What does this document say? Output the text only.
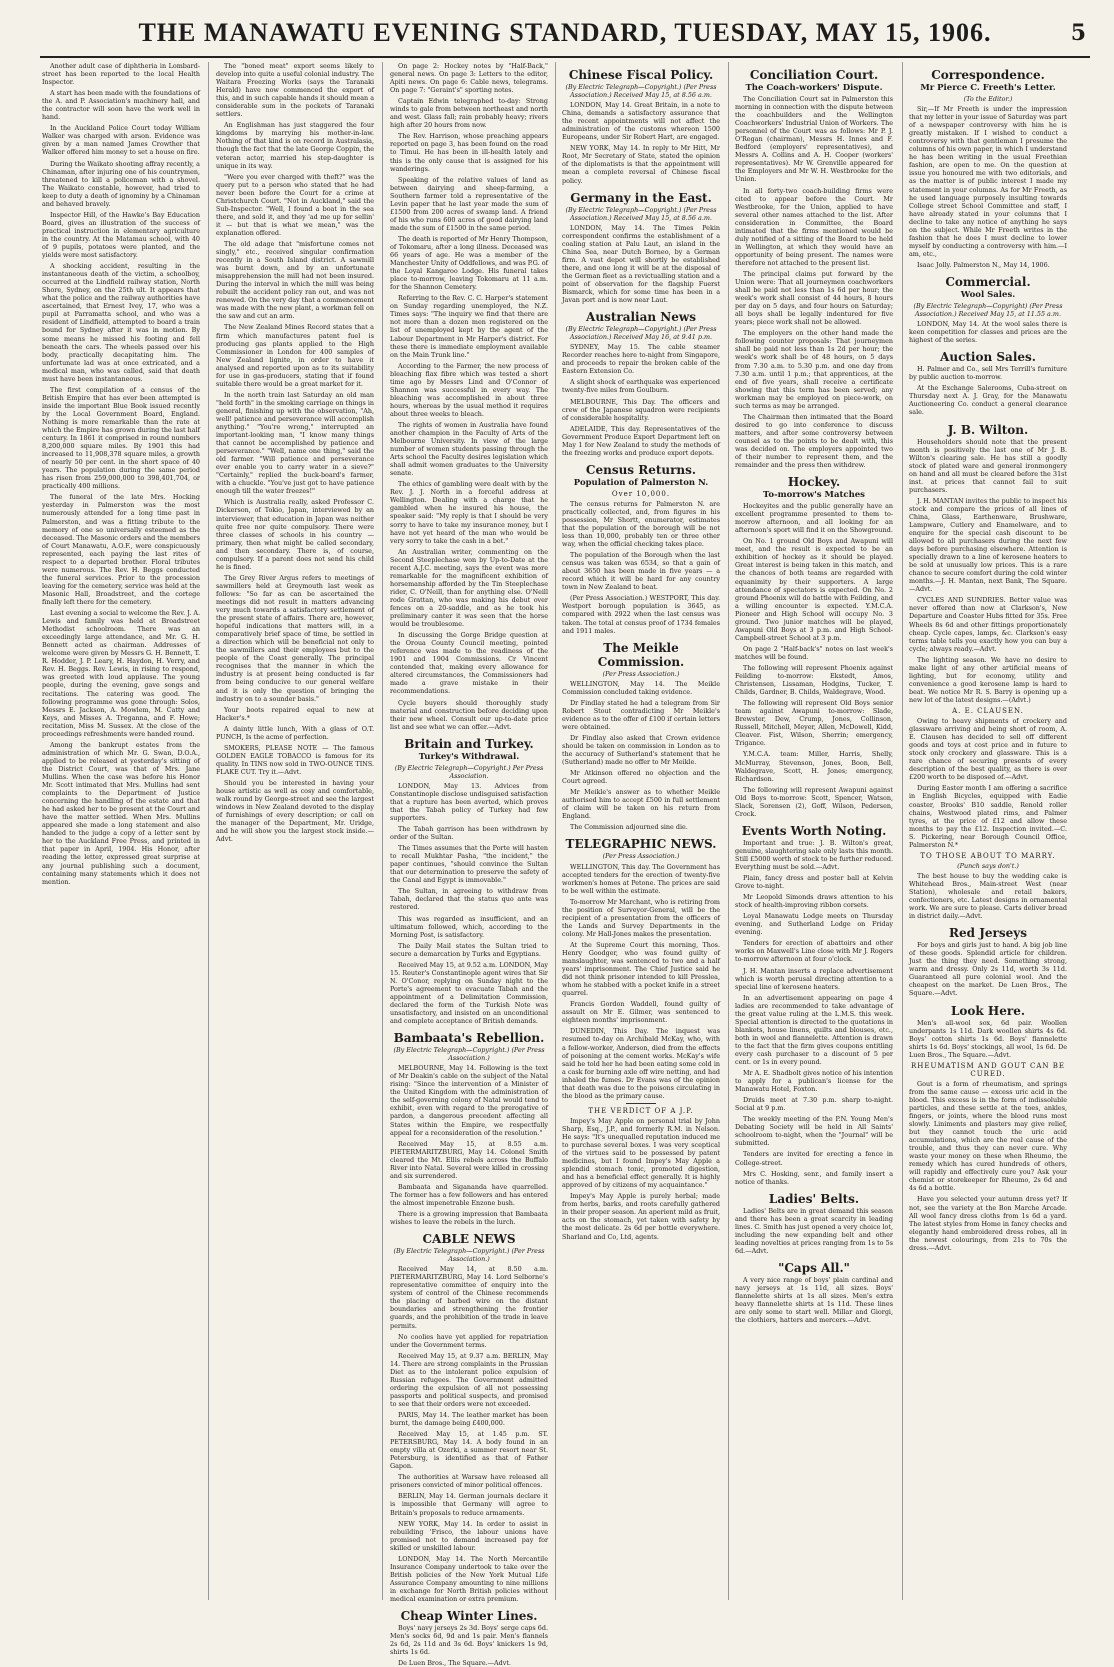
THE MANAWATU EVENING STANDARD, TUESDAY, MAY 15, 1906.	5

Another adult case of diphtheria in Lombard-street has been reported to the local Health Inspector.

A start has been made with the foundations of the A. and P. Association's machinery hall, and the contractor will soon have the work well in hand.

In the Auckland Police Court today William Walker was charged with arson. Evidence was given by a man named James Crowther that Walker offered him money to set a house on fire.

During the Waikato shooting affray recently, a Chinaman, after injuring one of his countrymen, threatened to kill a policeman with a shovel. The Waikato constable, however, had tried to keep to duty a death of ignominy by a Chinaman and behaved bravely.

Inspector Hill, of the Hawke's Bay Education Board, gives an illustration of the success of practical instruction in elementary agriculture in the country. At the Matamau school, with 40 of 9 pupils, potatoes were planted, and the yields were most satisfactory.

A shocking accident, resulting in the instantaneous death of the victim, a schoolboy, occurred at the Lindfield railway station, North Shore, Sydney, on the 25th ult. It appears that what the police and the railway authorities have ascertained, that Ernest Ivey, 17, who was a pupil at Parramatta school, and who was a resident of Lindfield, attempted to board a train bound for Sydney after it was in motion. By some means he missed his footing and fell beneath the cars. The wheels passed over his body, practically decapitating him. The unfortunate lad was at once extricated, and a medical man, who was called, said that death must have been instantaneous.

The first compilation of a census of the British Empire that has ever been attempted is inside the important Blue Book issued recently by the Local Government Board, England. Nothing is more remarkable than the rate at which the Empire has grown during the last half century. In 1861 it comprised in round numbers 8,200,000 square miles. By 1901 this had increased to 11,908,378 square miles, a growth of nearly 50 per cent. in the short space of 40 years. The population during the same period has risen from 259,000,000 to 398,401,704, or practically 400 millions.

The funeral of the late Mrs. Hocking yesterday in Palmerston was the most numerously attended for a long time past in Palmerston, and was a fitting tribute to the memory of one so universally esteemed as the deceased. The Masonic orders and the members of Court Manawatu, A.O.F., were conspicuously represented, each paying the last rites of respect to a departed brother. Floral tributes were numerous. The Rev. H. Beggs conducted the funeral services. Prior to the procession leaving for the cemetery, service was held at the Masonic Hall, Broadstreet, and the cortege finally left there for the cemetery.

Last evening a social to welcome the Rev. J. A. Lewis and family was held at Broadstreet Methodist schoolroom. There was an exceedingly large attendance, and Mr. G. H. Bennett acted as chairman. Addresses of welcome were given by Messrs G. H. Bennett, T. R. Hodder, J. P. Leary, H. Haydon, H. Verry, and Rev. H. Beggs. Rev. Lewis, in rising to respond, was greeted with loud applause. The young people, during the evening, gave songs and recitations. The catering was good. The following programme was gone through: Solos, Messrs E. Jackson, A. Mowlem, M. Catty and Keys, and Misses A. Treganna, and F. Howe; recitation, Miss M. Sussex. At the close of the proceedings refreshments were handed round.

Among the bankrupt estates from the administration of which Mr. G. Swan, D.O.A., applied to be released at yesterday's sitting of the District Court, was that of Mrs. Jane Mullins. When the case was before his Honor Mr. Scott intimated that Mrs. Mullins had sent complaints to the Department of Justice concerning the handling of the estate and that he had asked her to be present at the Court and have the matter settled. When Mrs. Mullins appeared she made a long statement and also handed to the judge a copy of a letter sent by her to the Auckland Free Press, and printed in that paper in April, 1904. His Honor, after reading the letter, expressed great surprise at any journal publishing such a document, containing many statements which it does not mention.

The "boned meat" export seems likely to develop into quite a useful colonial industry. The Waitara Freezing Works (says the Taranaki Herald) have now commenced the export of this, and in such capable hands it should mean a considerable sum in the pockets of Taranaki settlers.

An Englishman has just staggered the four kingdoms by marrying his mother-in-law. Nothing of that kind is on record in Australasia, though the fact that the late George Coppin, the veteran actor, married his step-daughter is unique in its way.

"Were you ever charged with theft?" was the query put to a person who stated that he had never been before the Court for a crime at Christchurch Court. "Not in Auckland," said the Sub-Inspector. "Well, I found a boat in the sea there, and sold it, and they 'ad me up for sellin' it — but that is what we mean," was the explanation offered.

The old adage that "misfortune comes not singly," etc., received singular confirmation recently in a South Island district. A sawmill was burnt down, and by an unfortunate misapprehension the mill had not been insured. During the interval in which the mill was being rebuilt the accident policy ran out, and was not renewed. On the very day that a commencement was made with the new plant, a workman fell on the saw and cut an arm.

The New Zealand Mines Record states that a firm which manufactures patent fuel is producing gas plants applied to the High Commissioner in London for 400 samples of New Zealand lignite, in order to have it analysed and reported upon as to its suitability for use in gas-producers, stating that if found suitable there would be a great market for it.

In the north train last Saturday an old man "held forth" in the smoking carriage on things in general, finishing up with the observation, "Ah, well! patience and perseverance will accomplish anything." "You're wrong," interrupted an important-looking man, "I know many things that cannot be accomplished by patience and perseverance." "Well, name one thing," said the old farmer. "Will patience and perseverance ever enable you to carry water in a sieve?" "Certainly," replied the buck-board's farmer, with a chuckle. "You've just got to have patience enough till the water freezes!"

Which is Australia really, asked Professor C. Dickerson, of Tokio, Japan, interviewed by an interviewer, that education in Japan was neither quite free nor quite compulsory. There were three classes of schools in his country — primary, then what might be called secondary, and then secondary. There is, of course, compulsory. If a parent does not send his child he is fined.

The Grey River Argus refers to meetings of sawmillers held at Greymouth last week as follows: "So far as can be ascertained the meetings did not result in matters advancing very much towards a satisfactory settlement of the present state of affairs. There are, however, hopeful indications that matters will, in a comparatively brief space of time, be settled in a direction which will be beneficial not only to the sawmillers and their employees but to the people of the Coast generally. The principal recognises that the manner in which the industry is at present being conducted is far from being conducive to our general welfare and it is only the question of bringing the industry on to a sounder basis."

Your boots repaired equal to new at Hacker's.*

A dainty little lunch, With a glass of O.T. PUNCH, Is the acme of perfection.

SMOKERS, PLEASE NOTE — The famous GOLDEN EAGLE TOBACCO is famous for its quality. In TINS now sold in TWO-OUNCE TINS. FLAKE CUT. Try it.—Advt.

Should you be interested in having your house artistic as well as cosy and comfortable, walk round by George-street and see the largest windows in New Zealand devoted to the display of furnishings of every description; or call on the manager of the Department, Mr. Uridge, and he will show you the largest stock inside.—Advt.

On page 2: Hockey notes by "Half-Back," general news. On page 3: Letters to the editor, Apiti news. On page 6: Cable news, telegrams. On page 7: "Geraint's" sporting notes.

Captain Edwin telegraphed to-day: Strong winds to gale from between northeast and north and west. Glass fall; rain probably heavy; rivers high after 20 hours from now.

The Rev. Harrison, whose preaching appears reported on page 3, has been found on the road to Timui. He has been in ill-health lately and this is the only cause that is assigned for his wanderings.

Speaking of the relative values of land as between dairying and sheep-farming, a Southern farmer told a representative of the Levin paper that he last year made the sum of £1500 from 200 acres of swamp land. A friend of his who runs 600 acres of good dairying land made the sum of £1500 in the same period.

The death is reported of Mr Henry Thompson, of Tokomaru, after a long illness. Deceased was 66 years of age. He was a member of the Manchester Unity of Oddfellows, and was P.G. of the Loyal Kangaroo Lodge. His funeral takes place to-morrow, leaving Tokomaru at 11 a.m. for the Shannon Cemetery.

Referring to the Rev. C. C. Harper's statement on Sunday regarding unemployed, the N.Z. Times says: "The inquiry we find that there are not more than a dozen men registered on the list of unemployed kept by the agent of the Labour Department in Mr Harper's district. For these there is immediate employment available on the Main Trunk line."

According to the Farmer, the new process of bleaching flax fibre which was tested a short time ago by Messrs Lind and O'Connor of Shannon was successful in every way. The bleaching was accomplished in about three hours, whereas by the usual method it requires about three weeks to bleach.

The rights of women in Australia have found another champion in the Faculty of Arts of the Melbourne University. In view of the large number of women students passing through the Arts school the Faculty desires legislation which shall admit women graduates to the University senate.

The ethics of gambling were dealt with by the Rev. J. J. North in a forceful address at Wellington. Dealing with a charge that he gambled when he insured his house, the speaker said: "My reply is that I should be very sorry to have to take my insurance money, but I have not yet heard of the man who would be very sorry to take the cash in a bet."

An Australian writer, commenting on the Second Steeplechase won by Up-to-Date at the recent A.J.C. meeting, says the event was more remarkable for the magnificent exhibition of horsemanship afforded by the Tin Steeplechase rider, C. O'Neill, than for anything else. O'Neill rode Grattan, who was making his debut over fences on a 20-saddle, and as he took his preliminary canter it was seen that the horse would be troublesome.

In discussing the Gorge Bridge question at the Oroua County Council meeting, pointed reference was made to the readiness of the 1901 and 1904 Commissions. Cr Vincent contended that, making every allowance for altered circumstances, the Commissioners had made a grave mistake in their recommendations.

Cycle buyers should thoroughly study material and construction before deciding upon their new wheel. Consult our up-to-date price list and see what we can offer.—Advt.

Britain and Turkey.
Turkey's Withdrawal.
(By Electric Telegraph—Copyright.) Per Press Association.

LONDON, May 13. Advices from Constantinople disclose undisguised satisfaction that a rupture has been averted, which proves that the Tabah policy of Turkey had few supporters.

The Tabah garrison has been withdrawn by order of the Sultan.

The Times assumes that the Porte will hasten to recall Mukhtar Pasha, "the incident," the paper continues, "should convince the Sultan that our determination to preserve the safety of the Canal and Egypt is immovable."

The Sultan, in agreeing to withdraw from Tabah, declared that the status quo ante was restored.

This was regarded as insufficient, and an ultimatum followed, which, according to the Morning Post, is satisfactory.

The Daily Mail states the Sultan tried to secure a demarcation by Turks and Egyptians.

Received May 15, at 9.52 a.m. LONDON, May 15. Reuter's Constantinople agent wires that Sir N. O'Conor, replying on Sunday night to the Porte's agreement to evacuate Tabah and the appointment of a Delimitation Commission, declared the form of the Turkish Note was unsatisfactory, and insisted on an unconditional and complete acceptance of British demands.

Bambaata's Rebellion.
(By Electric Telegraph—Copyright.) (Per Press Association.)

MELBOURNE, May 14. Following is the text of Mr Deakin's cable on the subject of the Natal rising: "Since the intervention of a Minister of the United Kingdom with the administration of the self-governing colony of Natal would tend to exhibit, even with regard to the prerogative of pardon, a dangerous precedent affecting all States within the Empire, we respectfully appeal for a reconsideration of the resolution."

Received May 15, at 8.55 a.m. PIETERMARITZBURG, May 14. Colonel Smith cleared the Mt. Ellis rebels across the Buffalo River into Natal. Several were killed in crossing and six surrendered.

Bambaata and Sigananda have quarrelled. The former has a few followers and has entered the almost impenetrable Enzone bush.

There is a growing impression that Bambaata wishes to leave the rebels in the lurch.

CABLE NEWS
(By Electric Telegraph—Copyright.) (Per Press Association.)

Received May 14, at 8.50 a.m. PIETERMARITZBURG, May 14. Lord Selborne's representative committee of enquiry into the system of control of the Chinese recommends the placing of barbed wire on the distant boundaries and strengthening the frontier guards, and the prohibition of the trade in leave permits.

No coolies have yet applied for repatriation under the Government terms.

Received May 15, at 9.37 a.m. BERLIN, May 14. There are strong complaints in the Prussian Diet as to the intolerant police expulsion of Russian refugees. The Government admitted ordering the expulsion of all not possessing passports and political suspects, and promised to see that their orders were not exceeded.

PARIS, May 14. The leather market has been burnt, the damage being £400,000.

Received May 15, at 1.45 p.m. ST. PETERSBURG, May 14. A body found in an empty villa at Ozerki, a summer resort near St. Petersburg, is identified as that of Father Gapon.

The authorities at Warsaw have released all prisoners convicted of minor political offences.

BERLIN, May 14. German journals declare it is impossible that Germany will agree to Britain's proposals to reduce armaments.

NEW YORK, May 14. In order to assist in rebuilding 'Frisco, the labour unions have promised not to demand increased pay for skilled or unskilled labour.

LONDON, May 14. The North Mercantile Insurance Company undertook to take over the British policies of the New York Mutual Life Assurance Company amounting to nine millions in exchange for North British policies without medical examination or extra premium.

Cheap Winter Lines.

Boys' navy jerseys 2s 3d. Boys' serge caps 6d. Men's socks 6d, 9d and 1s pair. Men's flannels 2s 6d, 2s 11d and 3s 6d. Boys' knickers 1s 9d, shirts 1s 6d.

De Luen Bros., The Square.—Advt.

Chinese Fiscal Policy.
(By Electric Telegraph—Copyright.) (Per Press Association.) Received May 15, at 8.56 a.m.

LONDON, May 14. Great Britain, in a note to China, demands a satisfactory assurance that the recent appointments will not affect the administration of the customs whereon 1500 Europeans, under Sir Robert Hart, are engaged.

NEW YORK, May 14. In reply to Mr Hitt, Mr Root, Mr Secretary of State, stated the opinion of the diplomatists is that the appointment will mean a complete reversal of Chinese fiscal policy.

Germany in the East.
(By Electric Telegraph—Copyright.) (Per Press Association.) Received May 15, at 8.56 a.m.

LONDON, May 14. The Times Pekin correspondent confirms the establishment of a coaling station at Palu Laut, an island in the China Sea, near Dutch Borneo, by a German firm. A vast depot will shortly be established there, and one long it will be at the disposal of the German fleet as a revictualling station and a point of observation for the flagship Fuerst Bismarck, which for some time has been in a Javan port and is now near Laut.

Australian News
(By Electric Telegraph—Copyright.) (Per Press Association.) Received May 16, at 9.41 p.m.

SYDNEY, May 15. The cable steamer Recorder reaches here to-night from Singapore, and proceeds to repair the broken cable of the Eastern Extension Co.

A slight shock of earthquake was experienced twenty-five miles from Goulburn.

MELBOURNE, This Day. The officers and crew of the Japanese squadron were recipients of considerable hospitality.

ADELAIDE, This day. Representatives of the Government Produce Export Department left on May 1 for New Zealand to study the methods of the freezing works and produce export depots.

Census Returns.
Population of Palmerston N.
Over 10,000.

The census returns for Palmerston N. are practically collected, and, from figures in his possession, Mr Shortt, enumerator, estimates that the population of the borough will be not less than 10,000, probably ten or three other way, when the official checking takes place.

The population of the Borough when the last census was taken was 6534, so that a gain of about 3650 has been made in five years — a record which it will be hard for any country town in New Zealand to beat.

(Per Press Association.) WESTPORT, This day. Westport borough population is 3645, as compared with 2922 when the last census was taken. The total at census proof of 1734 females and 1911 males.

The Meikle Commission.
(Per Press Association.)

WELLINGTON, May 14. The Meikle Commission concluded taking evidence.

Dr Findlay stated he had a telegram from Sir Robert Stout contradicting Mr Meikle's evidence as to the offer of £100 if certain letters were obtained.

Dr Findlay also asked that Crown evidence should be taken on commission in London as to the accuracy of Sutherland's statement that he (Sutherland) made no offer to Mr Meikle.

Mr Atkinson offered no objection and the Court agreed.

Mr Meikle's answer as to whether Meikle authorised him to accept £500 in full settlement of claim will be taken on his return from England.

The Commission adjourned sine die.

TELEGRAPHIC NEWS.
(Per Press Association.)

WELLINGTON, This day. The Government has accepted tenders for the erection of twenty-five workmen's homes at Petone. The prices are said to be well within the estimate.

To-morrow Mr Marchant, who is retiring from the position of Surveyor-General, will be the recipient of a presentation from the officers of the Lands and Survey Departments in the colony. Mr Hall-Jones makes the presentation.

At the Supreme Court this morning, Thos. Henry Goodger, who was found guilty of manslaughter, was sentenced to two and a half years' imprisonment. The Chief Justice said he did not think prisoner intended to kill Presslea, whom he stabbed with a pocket knife in a street quarrel.

Francis Gordon Waddell, found guilty of assault on Mr E. Gilmer, was sentenced to eighteen months' imprisonment.

DUNEDIN, This Day. The inquest was resumed to-day on Archibald McKay, who, with a fellow-worker, Anderson, died from the effects of poisoning at the cement works. McKay's wife said he told her he had been eating some cold in a cask for burning axle off wire netting, and had inhaled the fumes. Dr Evans was of the opinion that death was due to the poisons circulating in the blood as the primary cause.

THE VERDICT OF A J.P.

Impey's May Apple on personal trial by John Sharp, Esq., J.P., and formerly R.M. in Nelson. He says: "It's unequalled reputation induced me to purchase several boxes. I was very sceptical of the virtues said to be possessed by patent medicines, but I found Impey's May Apple a splendid stomach tonic, promoted digestion, and has a beneficial effect generally. It is highly approved of by citizens of my acquaintance."

Impey's May Apple is purely herbal; made from herbs, barks, and roots carefully gathered in their proper season. An aperient mild as fruit, acts on the stomach, yet taken with safety by the most delicate. 2s 6d per bottle everywhere. Sharland and Co, Ltd, agents.

Conciliation Court.
The Coach-workers' Dispute.

The Conciliation Court sat in Palmerston this morning in connection with the dispute between the coachbuilders and the Wellington Coachworkers' Industrial Union of Workers. The personnel of the Court was as follows: Mr P. J. O'Regan (chairman), Messrs H. Innes and F. Bedford (employers' representatives), and Messrs A. Collins and A. H. Cooper (workers' representatives). Mr W. Grenville appeared for the Employers and Mr W. H. Westbrooke for the Union.

In all forty-two coach-building firms were cited to appear before the Court. Mr Westbrooke, for the Union, applied to have several other names attached to the list. After consideration in Committee, the Board intimated that the firms mentioned would be duly notified of a sitting of the Board to be held in Wellington, at which they would have an opportunity of being present. The names were therefore not attached to the present list.

The principal claims put forward by the Union were: That all journeymen coachworkers shall be paid not less than 1s 6d per hour; the week's work shall consist of 44 hours, 8 hours per day on 5 days, and four hours on Saturday; all boys shall be legally indentured for five years; piece work shall not be allowed.

The employers on the other hand made the following counter proposals: That journeymen shall be paid not less than 1s 2d per hour; the week's work shall be of 48 hours, on 5 days from 7.30 a.m. to 5.30 p.m. and one day from 7.30 a.m. until 1 p.m.; that apprentices, at the end of five years, shall receive a certificate showing that this term has been served; any workman may be employed on piece-work, on such terms as may be arranged.

The Chairman then intimated that the Board desired to go into conference to discuss matters, and after some controversy between counsel as to the points to be dealt with, this was decided on. The employers appointed two of their number to represent them, and the remainder and the press then withdrew.

Hockey.
To-morrow's Matches

Hockeyites and the public generally have an excellent programme presented to them to-morrow afternoon, and all looking for an afternoon's sport will find it on the Showground.

On No. 1 ground Old Boys and Awapuni will meet, and the result is expected to be an exhibition of hockey as it should be played. Great interest is being taken in this match, and the chances of both teams are regarded with equanimity by their supporters. A large attendance of spectators is expected. On No. 2 ground Phoenix will do battle with Feilding, and a willing encounter is expected. Y.M.C.A. Pioneer and High School will occupy No. 3 ground. Two junior matches will be played, Awapuni Old Boys at 3 p.m. and High School-Campbell-street School at 3 p.m.

On page 2 "Half-back's" notes on last week's matches will be found.

The following will represent Phoenix against Feilding to-morrow: Ekstedt, Amos, Christensen, Lissaman, Hodgins, Tucker, T. Childs, Gardner, B. Childs, Waldegrave, Wood.

The following will represent Old Boys senior team against Awapuni to-morrow: Slade, Brewster, Dew, Crump, Jones, Collinson, Russell, Mitchell, Meyer, Allen, McDowell, Kidd, Cleaver. Fist, Wilson, Sherrin; emergency, Trigance.

Y.M.C.A. team: Miller, Harris, Shelly, McMurray, Stevenson, Jones, Boon, Bell, Waldegrave, Scott, H. Jones; emergency, Richardson.

The following will represent Awapuni against Old Boys to-morrow: Scott, Spencer, Watson, Slack, Sorensen (2), Goff, Wilson, Pedersen, Crock.

Events Worth Noting.

Important and true: J. B. Wilton's great, genuine, slaughtering sale only lasts this month. Still £5000 worth of stock to be further reduced. Everything must be sold.—Advt.

Plain, fancy dress and poster ball at Kelvin Grove to-night.

Mr Leopold Simonds draws attention to his stock of health-improving ribbon corsets.

Loyal Manawatu Lodge meets on Thursday evening, and Sutherland Lodge on Friday evening.

Tenders for erection of abattoirs and other works on Maxwell's Line close with Mr J. Rogers to-morrow afternoon at four o'clock.

J. H. Mantan inserts a replace advertisement which is worth perusal directing attention to a special line of kerosene heaters.

In an advertisement appearing on page 4 ladies are recommended to take advantage of the great value ruling at the L.M.S. this week. Special attention is directed to the quotations in blankets, house linens, quilts and blouses, etc., both in wool and flannelette. Attention is drawn to the fact that the firm gives coupons entitling every cash purchaser to a discount of 5 per cent. or 1s in every pound.

Mr A. E. Shadbolt gives notice of his intention to apply for a publican's license for the Manawatu Hotel, Foxton.

Druids meet at 7.30 p.m. sharp to-night. Social at 9 p.m.

The weekly meeting of the P.N. Young Men's Debating Society will be held in All Saints' schoolroom to-night, when the "Journal" will be submitted.

Tenders are invited for erecting a fence in College-street.

Mrs C. Hosking, senr., and family insert a notice of thanks.

Ladies' Belts.

Ladies' Belts are in great demand this season and there has been a great scarcity in leading lines. C. Smith has just opened a very choice lot, including the new expanding belt and other leading novelties at prices ranging from 1s to 5s 6d.—Advt.

"Caps All."

A very nice range of boys' plain cardinal and navy jerseys at 1s 11d, all sizes. Boys' flannelette shirts at 1s all sizes. Men's extra heavy flannelette shirts at 1s 11d. These lines are only some to start well. Millar and Giorgi, the clothiers, hatters and mercers.—Advt.

Correspondence.
Mr Pierce C. Freeth's Letter.
(To the Editor.)

Sir,—If Mr Freeth is under the impression that my letter in your issue of Saturday was part of a newspaper controversy with him he is greatly mistaken. If I wished to conduct a controversy with that gentleman I presume the columns of his own paper, in which I understand he has been writing in the usual Freethian fashion, are open to me. On the question at issue you honoured me with two editorials, and as the matter is of public interest I made my statement in your columns. As for Mr Freeth, as he used language purposely insulting towards College street School Committee and staff, I have already stated in your columns that I decline to take any notice of anything he says on the subject. While Mr Freeth writes in the fashion that he does I must decline to lower myself by conducting a controversy with him.—I am, etc.,

Isaac Jolly. Palmerston N., May 14, 1906.

Commercial.
Wool Sales.
(By Electric Telegraph—Copyright) (Per Press Association.) Received May 15, at 11.55 a.m.

LONDON, May 14. At the wool sales there is keen competition for classes and prices are the highest of the series.

Auction Sales.

H. Palmer and Co., sell Mrs Terrill's furniture by public auction to-morrow.

At the Exchange Salerooms, Cuba-street on Thursday next A. J. Gray, for the Manawatu Auctioneering Co. conduct a general clearance sale.

J. B. Wilton.

Householders should note that the present month is positively the last one of Mr J. B. Wilton's clearing sale. He has still a goodly stock of plated ware and general ironmongery on hand and all must be cleared before the 31st inst. at prices that cannot fail to suit purchasers.

J. H. MANTAN invites the public to inspect his stock and compare the prices of all lines of China, Glass, Earthenware, Brushware, Lampware, Cutlery and Enamelware, and to enquire for the special cash discount to be allowed to all purchasers during the next few days before purchasing elsewhere. Attention is specially drawn to a line of kerosene heaters to be sold at unusually low prices. This is a rare chance to secure comfort during the cold winter months.—J. H. Mantan, next Bank, The Square.—Advt.

CYCLES AND SUNDRIES. Better value was never offered than now at Clarkson's, New Departure and Coaster Hubs fitted for 35s. Free Wheels 8s 6d and other fittings proportionately cheap. Cycle capes, lamps, &c. Clarkson's easy terms table tells you exactly how you can buy a cycle; always ready.—Advt.

The lighting season. We have no desire to make light of any other artificial means of lighting, but for economy, utility and convenience a good kerosene lamp is hard to beat. We notice Mr R. S. Barry is opening up a new lot of the latest designs.—(Advt.)

A. E. CLAUSEN.

Owing to heavy shipments of crockery and glassware arriving and being short of room, A. E. Clausen has decided to sell off different goods and toys at cost price and in future to stock only crockery and glassware. This is a rare chance of securing presents of every description of the best quality, as there is over £200 worth to be disposed of.—Advt.

During Easter month I am offering a sacrifice in English Bicycles, equipped with Eadie coaster, Brooks' B10 saddle, Renold roller chains, Westwood plated rims, and Palmer tyres, at the price of £12 and allow these months to pay the £12. Inspection invited.—C. S. Pickering, near Borough Council Office, Palmerston N.*

TO THOSE ABOUT TO MARRY.
(Punch says don't.)

The best house to buy the wedding cake is Whitehead Bros., Main-street West (near Station), wholesale and retail bakers, confectioners, etc. Latest designs in ornamental work. We are sure to please. Carts deliver bread in district daily.—Advt.

Red Jerseys

For boys and girls just to hand. A big job line of these goods. Splendid article for children. Just the thing they need. Something strong, warm and dressy. Only 2s 11d, worth 3s 11d. Guaranteed all pure colonial wool. And the cheapest on the market. De Luen Bros., The Square.—Advt.

Look Here.

Men's all-wool sox, 6d pair. Woollen underpants 1s 11d. Dark woollen shirts 4s 6d. Boys' cotton shirts 1s 6d. Boys' flannelette shirts 1s 6d. Boys' stockings, all wool, 1s 6d. De Luen Bros., The Square.—Advt.

RHEUMATISM AND GOUT CAN BE CURED.

Gout is a form of rheumatism, and springs from the same cause — excess uric acid in the blood. This excess is in the form of indissoluble particles, and these settle at the toes, ankles, fingers, or joints, where the blood runs most slowly. Liniments and plasters may give relief, but they cannot touch the uric acid accumulations, which are the real cause of the trouble, and thus they can never cure. Why waste your money on these when Rheumo, the remedy which has cured hundreds of others, will rapidly and effectively cure you? Ask your chemist or storekeeper for Rheumo, 2s 6d and 4s 6d a bottle.

Have you selected your autumn dress yet? If not, see the variety at the Bon Marche Arcade. All wool fancy dress cloths from 1s 6d a yard. The latest styles from Home in fancy checks and elegantly hand embroidered dress robes, all in the newest colourings, from 21s to 70s the dress.—Advt.
